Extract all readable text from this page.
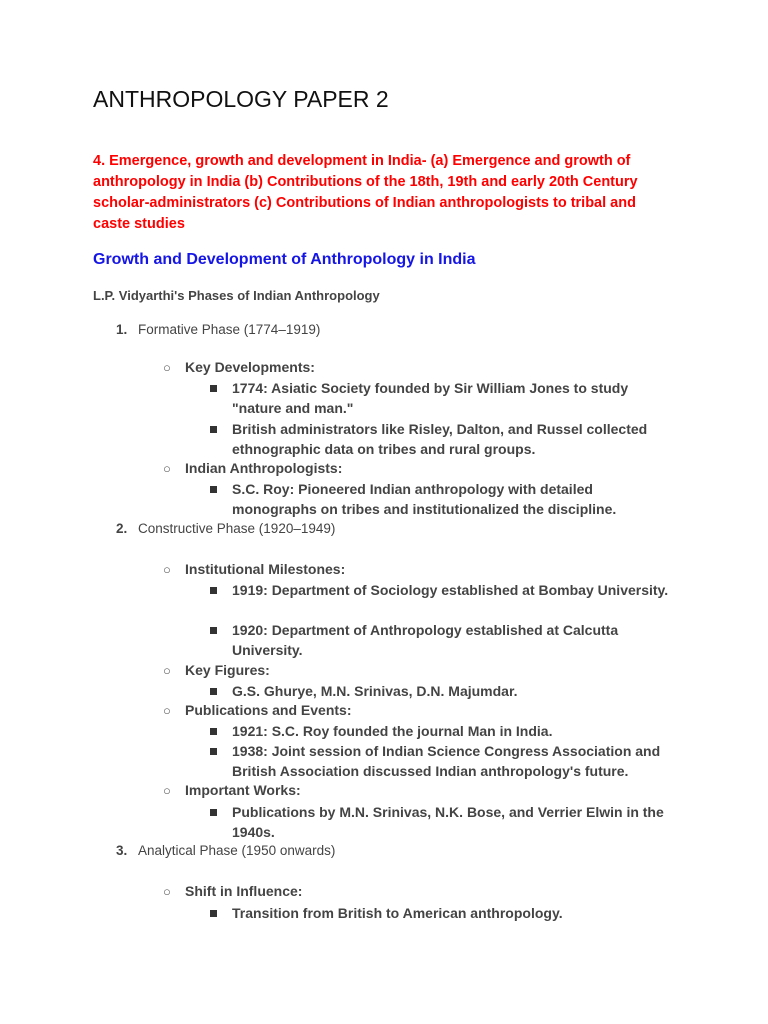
ANTHROPOLOGY PAPER 2
4. Emergence, growth and development in India- (a) Emergence and growth of anthropology in India (b) Contributions of the 18th, 19th and early 20th Century scholar-administrators (c) Contributions of Indian anthropologists to tribal and caste studies
Growth and Development of Anthropology in India
L.P. Vidyarthi's Phases of Indian Anthropology
1. Formative Phase (1774–1919)
○ Key Developments:
1774: Asiatic Society founded by Sir William Jones to study "nature and man."
British administrators like Risley, Dalton, and Russel collected ethnographic data on tribes and rural groups.
○ Indian Anthropologists:
S.C. Roy: Pioneered Indian anthropology with detailed monographs on tribes and institutionalized the discipline.
2. Constructive Phase (1920–1949)
○ Institutional Milestones:
1919: Department of Sociology established at Bombay University.
1920: Department of Anthropology established at Calcutta University.
○ Key Figures:
G.S. Ghurye, M.N. Srinivas, D.N. Majumdar.
○ Publications and Events:
1921: S.C. Roy founded the journal Man in India.
1938: Joint session of Indian Science Congress Association and British Association discussed Indian anthropology's future.
○ Important Works:
Publications by M.N. Srinivas, N.K. Bose, and Verrier Elwin in the 1940s.
3. Analytical Phase (1950 onwards)
○ Shift in Influence:
Transition from British to American anthropology.
